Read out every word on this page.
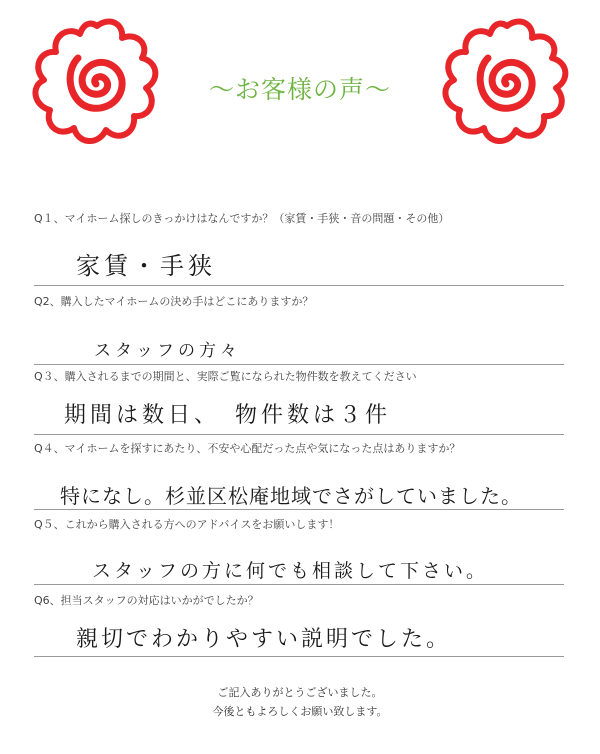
～お客様の声～
Q１、マイホーム探しのきっかけはなんですか？（家賃・手狭・音の問題・その他）
家賃・手狭
Q2、購入したマイホームの決め手はどこにありますか？
スタッフの方々
Q３、購入されるまでの期間と、実際ご覧になられた物件数を教えてください
期間は数日、　物件数は３件
Q４、マイホームを探すにあたり、不安や心配だった点や気になった点はありますか？
特になし。杉並区松庵地域でさがしていました。
Q５、これから購入される方へのアドバイスをお願いします！
スタッフの方に何でも相談して下さい。
Q6、担当スタッフの対応はいかがでしたか？
親切でわかりやすい説明でした。
ご記入ありがとうございました。
今後ともよろしくお願い致します。
